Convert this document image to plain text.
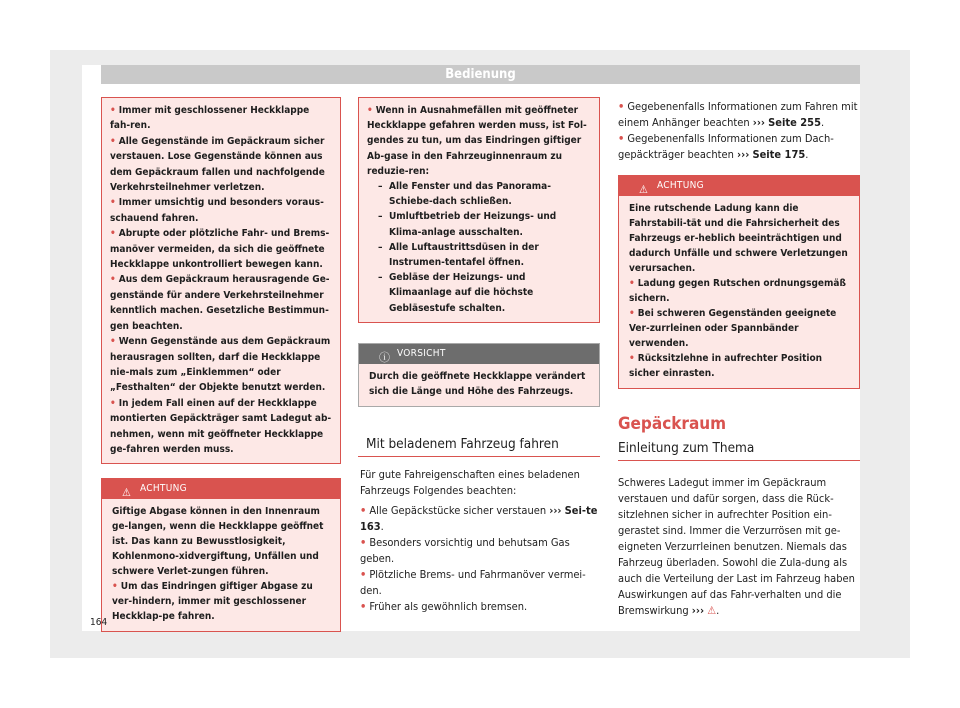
Bedienung
• Immer mit geschlossener Heckklappe fah-ren.
• Alle Gegenstände im Gepäckraum sicher verstauen. Lose Gegenstände können aus dem Gepäckraum fallen und nachfolgende Verkehrsteilnehmer verletzen.
• Immer umsichtig und besonders voraus-schauend fahren.
• Abrupte oder plötzliche Fahr- und Brems-manöver vermeiden, da sich die geöffnete Heckklappe unkontrolliert bewegen kann.
• Aus dem Gepäckraum herausragende Ge-genstände für andere Verkehrsteilnehmer kenntlich machen. Gesetzliche Bestimmun-gen beachten.
• Wenn Gegenstände aus dem Gepäckraum herausragen sollten, darf die Heckklappe nie-mals zum „Einklemmen“ oder „Festhalten“ der Objekte benutzt werden.
• In jedem Fall einen auf der Heckklappe montierten Gepäckträger samt Ladegut ab-nehmen, wenn mit geöffneter Heckklappe ge-fahren werden muss.
⚠ ACHTUNG
Giftige Abgase können in den Innenraum ge-langen, wenn die Heckklappe geöffnet ist. Das kann zu Bewusstlosigkeit, Kohlenmono-xidvergiftung, Unfällen und schwere Verlet-zungen führen.
• Um das Eindringen giftiger Abgase zu ver-hindern, immer mit geschlossener Heckklap-pe fahren.
• Wenn in Ausnahmefällen mit geöffneter Heckklappe gefahren werden muss, ist Fol-gendes zu tun, um das Eindringen giftiger Ab-gase in den Fahrzeuginnenraum zu reduzie-ren:
– Alle Fenster und das Panorama-Schiebe-dach schließen.
– Umluftbetrieb der Heizungs- und Klima-anlage ausschalten.
– Alle Luftaustrittsdüsen in der Instrumen-tentafel öffnen.
– Gebläse der Heizungs- und Klimaanlage auf die höchste Gebläsestufe schalten.
ⓘ VORSICHT
Durch die geöffnete Heckklappe verändert sich die Länge und Höhe des Fahrzeugs.
Mit beladenem Fahrzeug fahren
Für gute Fahreigenschaften eines beladenen Fahrzeugs Folgendes beachten:
• Alle Gepäckstücke sicher verstauen ››› Sei-te 163.
• Besonders vorsichtig und behutsam Gas geben.
• Plötzliche Brems- und Fahrmanöver vermei-den.
• Früher als gewöhnlich bremsen.
• Gegebenenfalls Informationen zum Fahren mit einem Anhänger beachten ››› Seite 255.
• Gegebenenfalls Informationen zum Dach-gepäckträger beachten ››› Seite 175.
⚠ ACHTUNG
Eine rutschende Ladung kann die Fahrstabili-tät und die Fahrsicherheit des Fahrzeugs er-heblich beeinträchtigen und dadurch Unfälle und schwere Verletzungen verursachen.
• Ladung gegen Rutschen ordnungsgemäß sichern.
• Bei schweren Gegenständen geeignete Ver-zurrleinen oder Spannbänder verwenden.
• Rücksitzlehne in aufrechter Position sicher einrasten.
Gepäckraum
Einleitung zum Thema
Schweres Ladegut immer im Gepäckraum verstauen und dafür sorgen, dass die Rück-sitzlehnen sicher in aufrechter Position ein-gerastet sind. Immer die Verzurrösen mit ge-eigneten Verzurrleinen benutzen. Niemals das Fahrzeug überladen. Sowohl die Zula-dung als auch die Verteilung der Last im Fahrzeug haben Auswirkungen auf das Fahr-verhalten und die Bremswirkung ››› ⚠.
164
